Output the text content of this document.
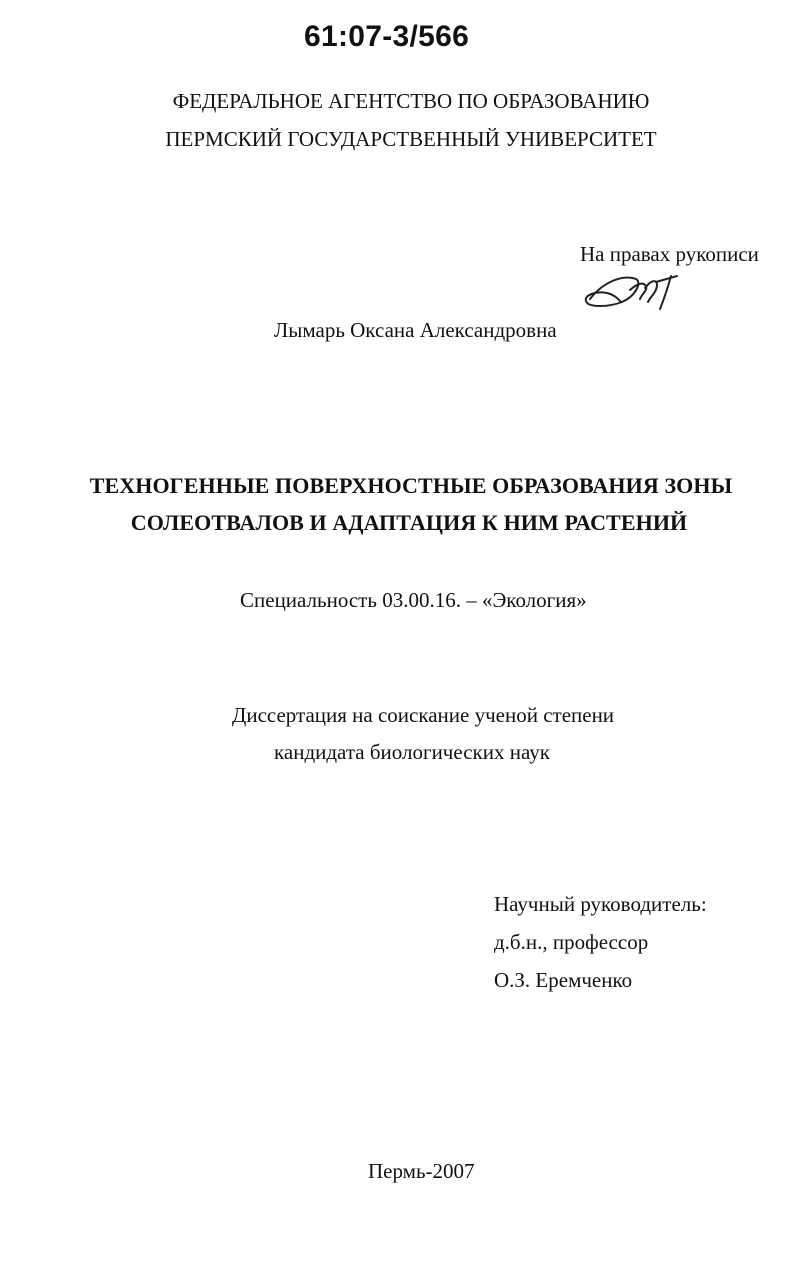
61:07-3/566
ФЕДЕРАЛЬНОЕ АГЕНТСТВО ПО ОБРАЗОВАНИЮ
ПЕРМСКИЙ ГОСУДАРСТВЕННЫЙ УНИВЕРСИТЕТ
На правах рукописи
Лымарь Оксана Александровна
ТЕХНОГЕННЫЕ ПОВЕРХНОСТНЫЕ ОБРАЗОВАНИЯ ЗОНЫ
СОЛЕОТВАЛОВ И АДАПТАЦИЯ К НИМ РАСТЕНИЙ
Специальность 03.00.16. – «Экология»
Диссертация на соискание ученой степени
кандидата биологических наук
Научный руководитель:
д.б.н., профессор
О.З. Еремченко
Пермь-2007
